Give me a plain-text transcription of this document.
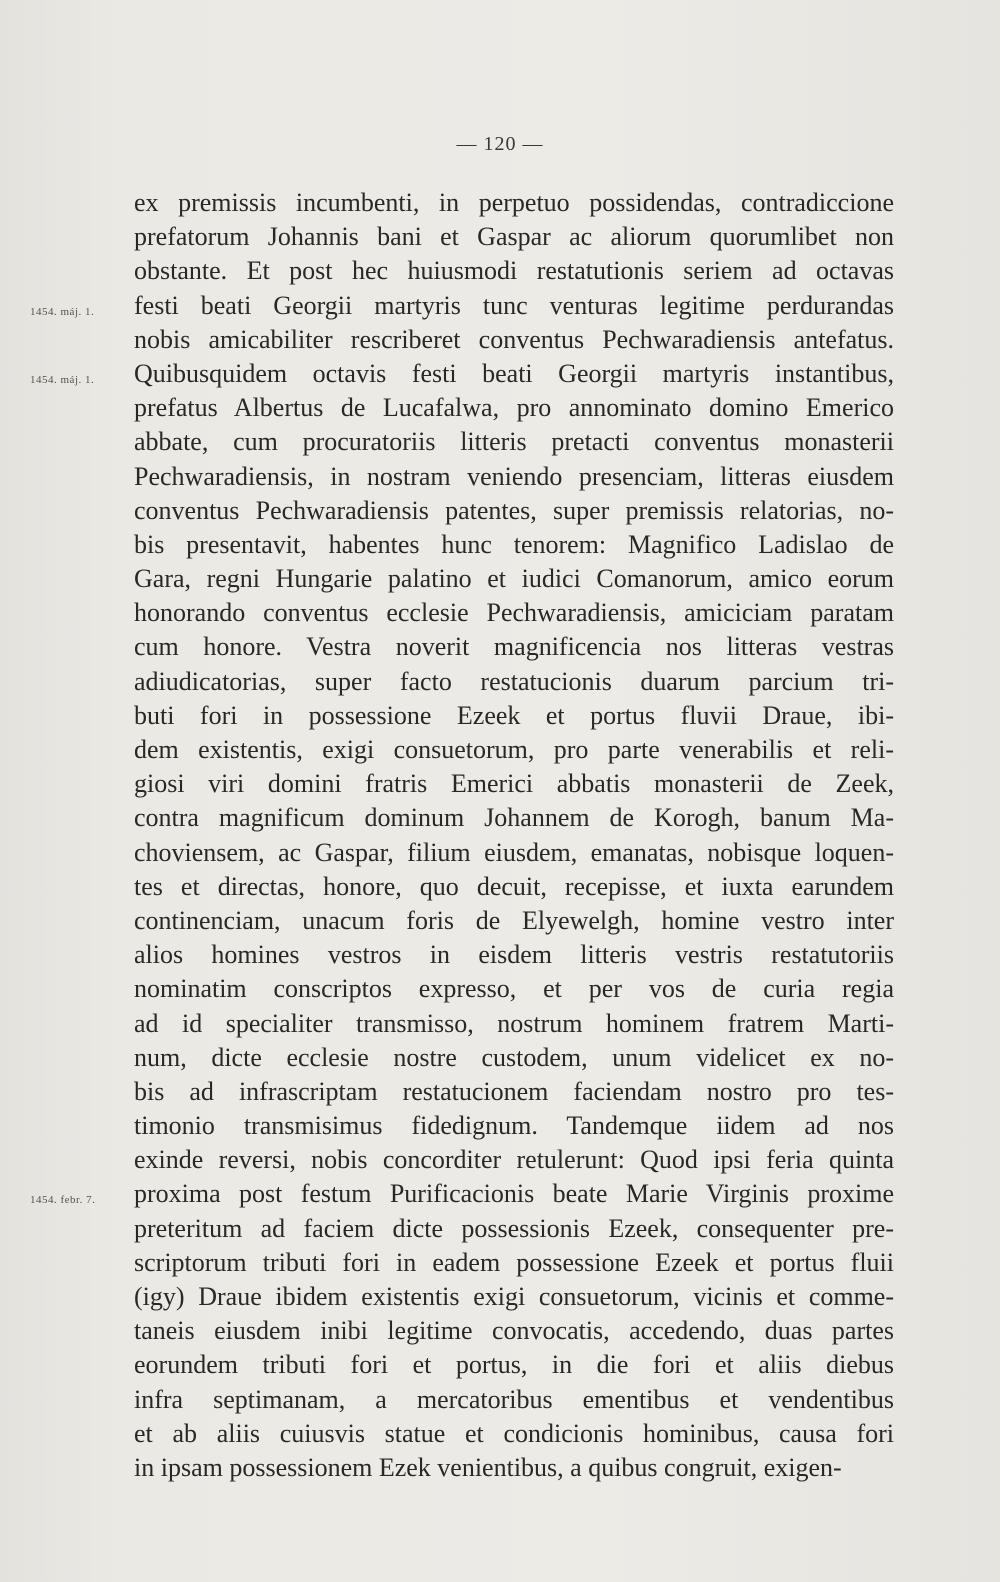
— 120 —
ex premissis incumbenti, in perpetuo possidendas, contradiccione
prefatorum Johannis bani et Gaspar ac aliorum quorumlibet non
obstante. Et post hec huiusmodi restatutionis seriem ad octavas
festi beati Georgii martyris tunc venturas legitime perdurandas
1454. máj. 1.
nobis amicabiliter rescriberet conventus Pechwaradiensis antefatus.
Quibusquidem octavis festi beati Georgii martyris instantibus,
1454. máj. 1.
prefatus Albertus de Lucafalwa, pro annominato domino Emerico
abbate, cum procuratoriis litteris pretacti conventus monasterii
Pechwaradiensis, in nostram veniendo presenciam, litteras eiusdem
conventus Pechwaradiensis patentes, super premissis relatorias, no-
bis presentavit, habentes hunc tenorem: Magnifico Ladislao de
Gara, regni Hungarie palatino et iudici Comanorum, amico eorum
honorando conventus ecclesie Pechwaradiensis, amiciciam paratam
cum honore. Vestra noverit magnificencia nos litteras vestras
adiudicatorias, super facto restatucionis duarum parcium tri-
buti fori in possessione Ezeek et portus fluvii Draue, ibi-
dem existentis, exigi consuetorum, pro parte venerabilis et reli-
giosi viri domini fratris Emerici abbatis monasterii de Zeek,
contra magnificum dominum Johannem de Korogh, banum Ma-
choviensem, ac Gaspar, filium eiusdem, emanatas, nobisque loquen-
tes et directas, honore, quo decuit, recepisse, et iuxta earundem
continenciam, unacum foris de Elyewelgh, homine vestro inter
alios homines vestros in eisdem litteris vestris restatutoriis
nominatim conscriptos expresso, et per vos de curia regia
ad id specialiter transmisso, nostrum hominem fratrem Marti-
num, dicte ecclesie nostre custodem, unum videlicet ex no-
bis ad infrascriptam restatucionem faciendam nostro pro tes-
timonio transmisimus fidedignum. Tandemque iidem ad nos
exinde reversi, nobis concorditer retulerunt: Quod ipsi feria quinta
proxima post festum Purificacionis beate Marie Virginis proxime
1454. febr. 7.
preteritum ad faciem dicte possessionis Ezeek, consequenter pre-
scriptorum tributi fori in eadem possessione Ezeek et portus fluii
(igy) Draue ibidem existentis exigi consuetorum, vicinis et comme-
taneis eiusdem inibi legitime convocatis, accedendo, duas partes
eorundem tributi fori et portus, in die fori et aliis diebus
infra septimanam, a mercatoribus ementibus et vendentibus
et ab aliis cuiusvis statue et condicionis hominibus, causa fori
in ipsam possessionem Ezek venientibus, a quibus congruit, exigen-
